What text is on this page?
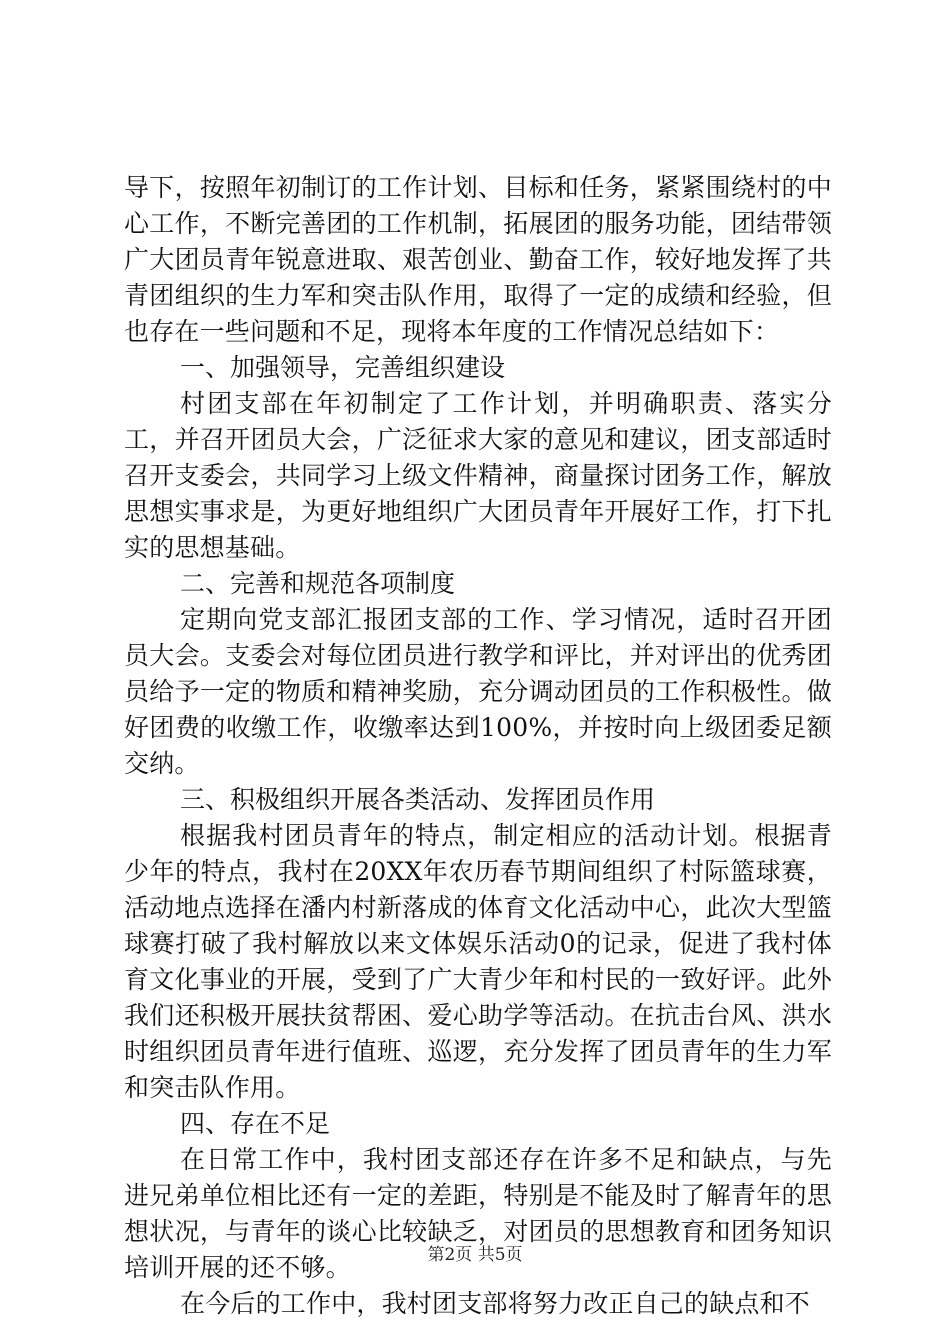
导下，按照年初制订的工作计划、目标和任务，紧紧围绕村的中心工作，不断完善团的工作机制，拓展团的服务功能，团结带领广大团员青年锐意进取、艰苦创业、勤奋工作，较好地发挥了共青团组织的生力军和突击队作用，取得了一定的成绩和经验，但也存在一些问题和不足，现将本年度的工作情况总结如下：

一、加强领导，完善组织建设

村团支部在年初制定了工作计划，并明确职责、落实分工，并召开团员大会，广泛征求大家的意见和建议，团支部适时召开支委会，共同学习上级文件精神，商量探讨团务工作，解放思想实事求是，为更好地组织广大团员青年开展好工作，打下扎实的思想基础。

二、完善和规范各项制度

定期向党支部汇报团支部的工作、学习情况，适时召开团员大会。支委会对每位团员进行教学和评比，并对评出的优秀团员给予一定的物质和精神奖励，充分调动团员的工作积极性。做好团费的收缴工作，收缴率达到100%，并按时向上级团委足额交纳。

三、积极组织开展各类活动、发挥团员作用

根据我村团员青年的特点，制定相应的活动计划。根据青少年的特点，我村在20XX年农历春节期间组织了村际篮球赛，活动地点选择在潘内村新落成的体育文化活动中心，此次大型篮球赛打破了我村解放以来文体娱乐活动0的记录，促进了我村体育文化事业的开展，受到了广大青少年和村民的一致好评。此外我们还积极开展扶贫帮困、爱心助学等活动。在抗击台风、洪水时组织团员青年进行值班、巡逻，充分发挥了团员青年的生力军和突击队作用。

四、存在不足

在日常工作中，我村团支部还存在许多不足和缺点，与先进兄弟单位相比还有一定的差距，特别是不能及时了解青年的思想状况，与青年的谈心比较缺乏，对团员的思想教育和团务知识培训开展的还不够。

在今后的工作中，我村团支部将努力改正自己的缺点和不

第2页 共5页
